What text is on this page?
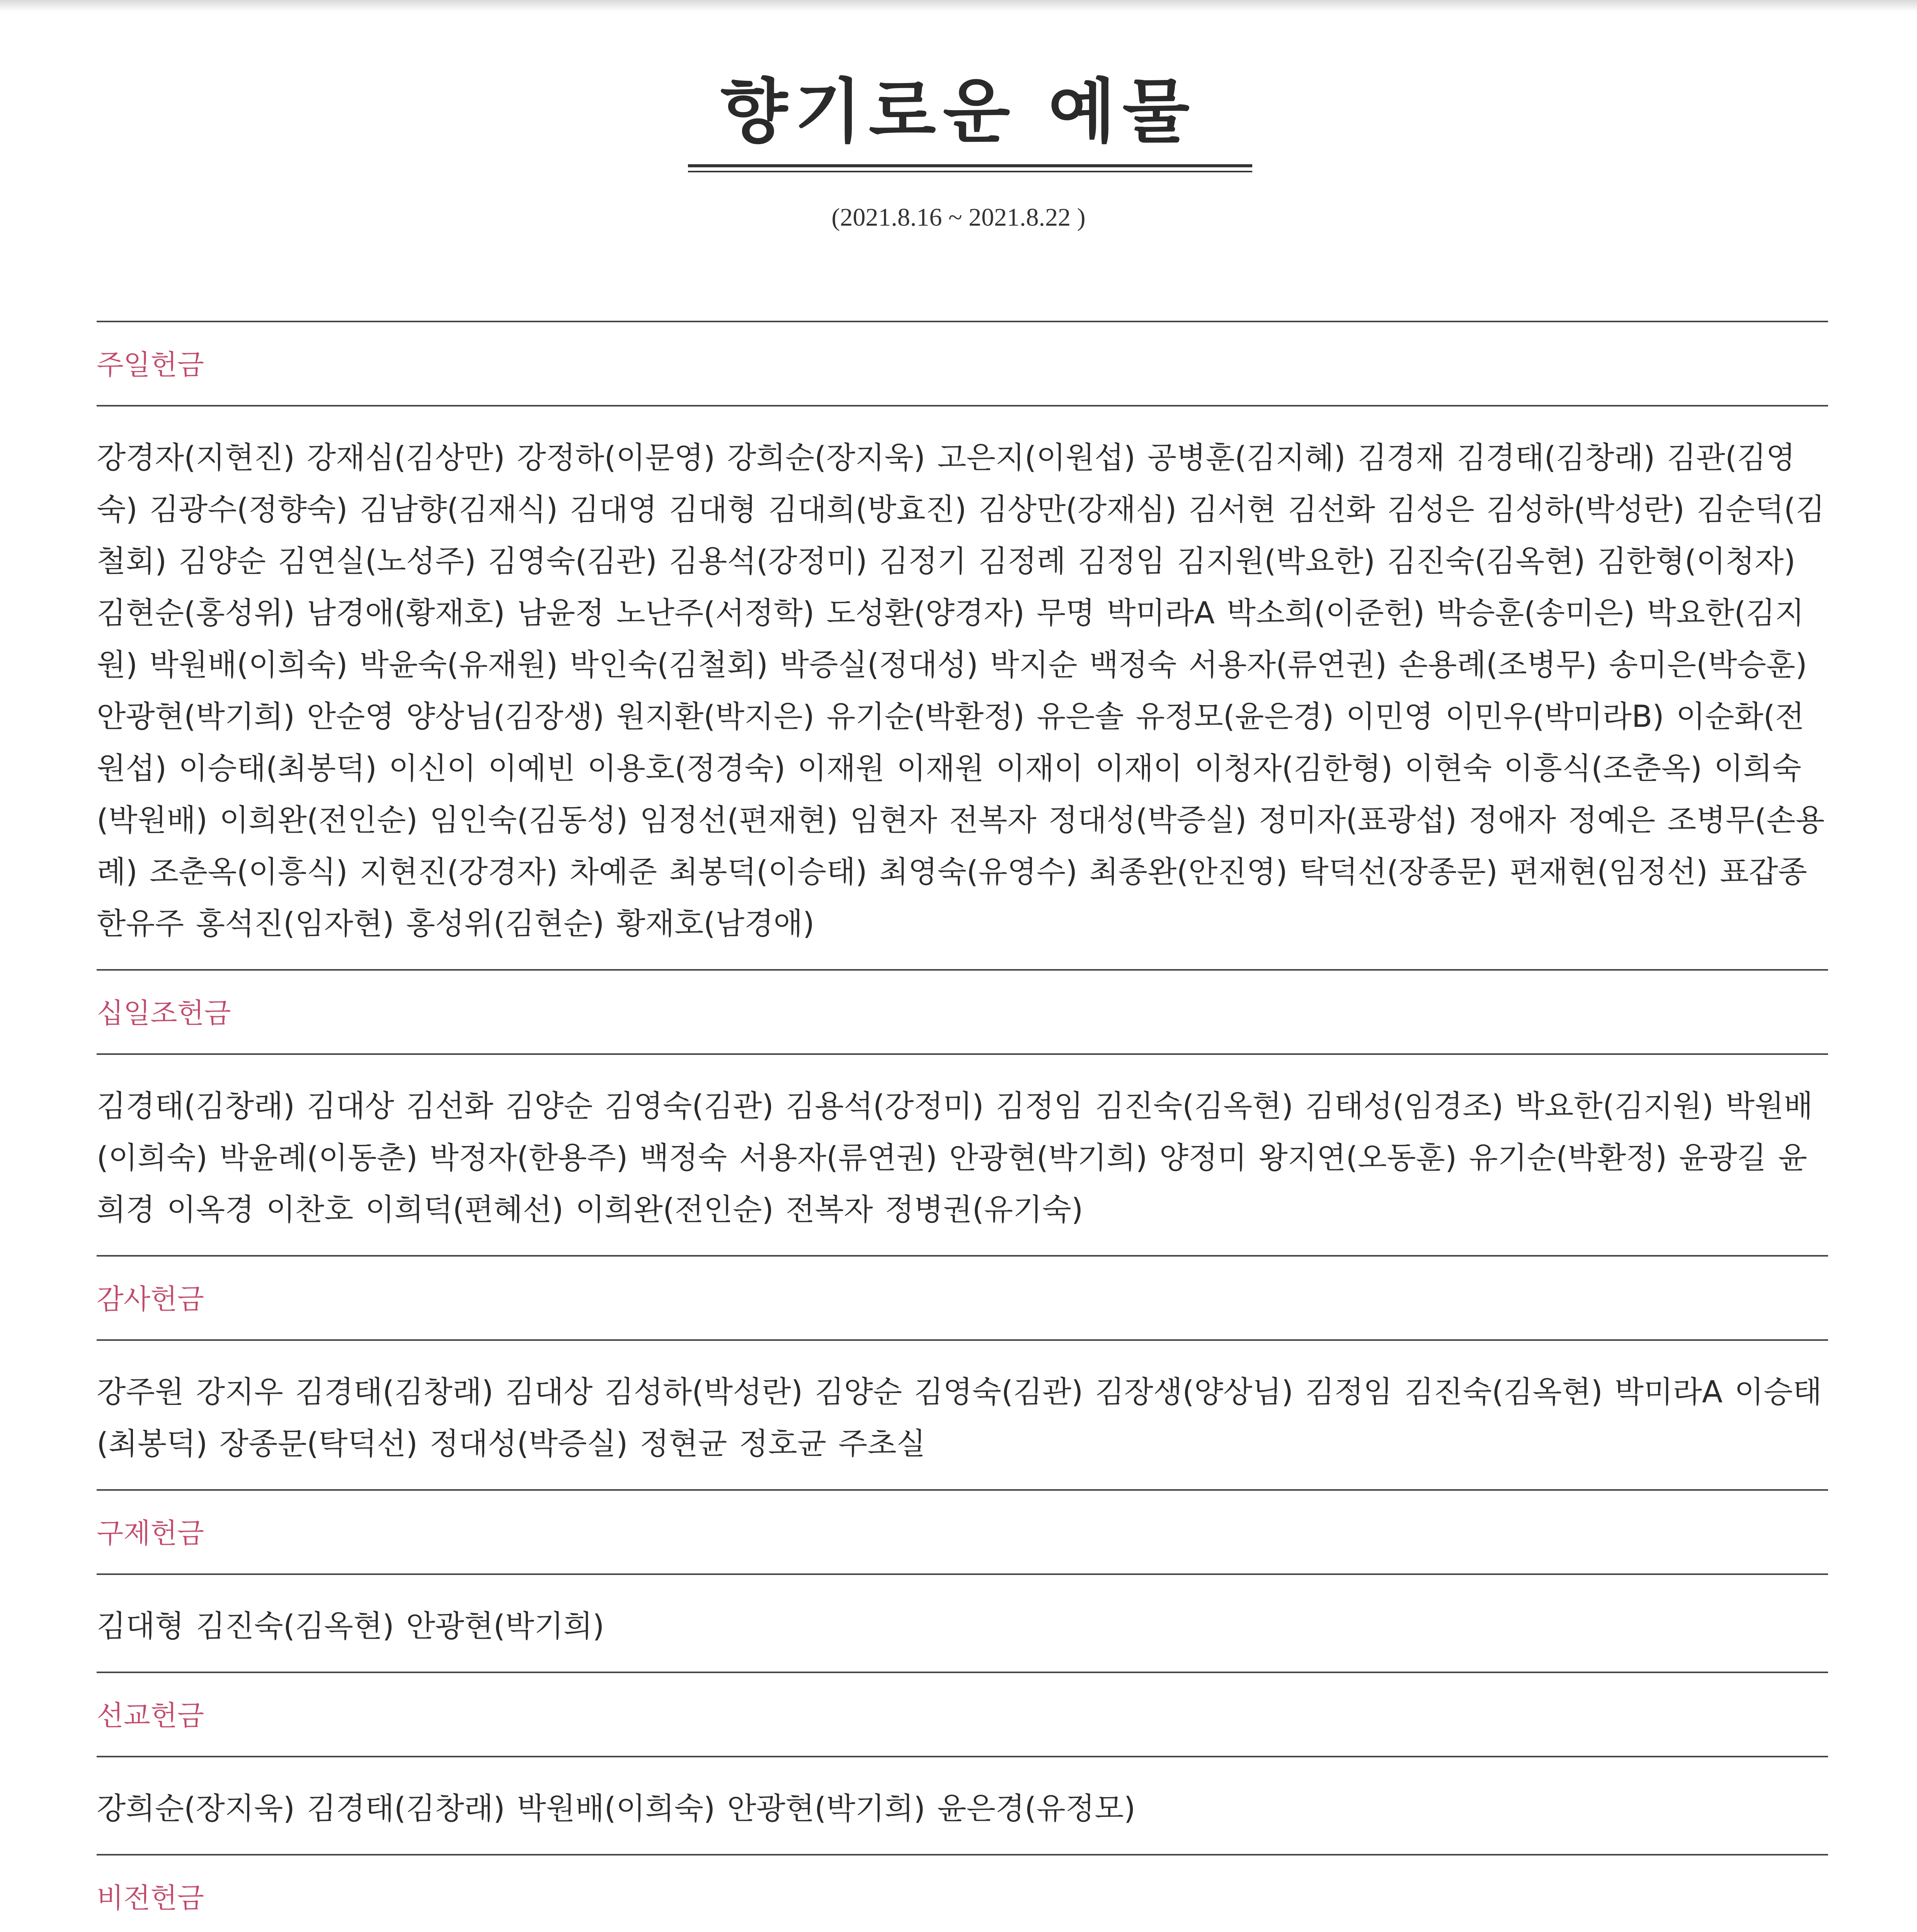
향기로운 예물
(2021.8.16 ~ 2021.8.22 )
주일헌금
강경자(지현진) 강재심(김상만) 강정하(이문영) 강희순(장지욱) 고은지(이원섭) 공병훈(김지혜) 김경재 김경태(김창래) 김관(김영숙) 김광수(정향숙) 김남향(김재식) 김대영 김대형 김대희(방효진) 김상만(강재심) 김서현 김선화 김성은 김성하(박성란) 김순덕(김철회) 김양순 김연실(노성주) 김영숙(김관) 김용석(강정미) 김정기 김정례 김정임 김지원(박요한) 김진숙(김옥현) 김한형(이청자) 김현순(홍성위) 남경애(황재호) 남윤정 노난주(서정학) 도성환(양경자) 무명 박미라A 박소희(이준헌) 박승훈(송미은) 박요한(김지원) 박원배(이희숙) 박윤숙(유재원) 박인숙(김철회) 박증실(정대성) 박지순 백정숙 서용자(류연권) 손용례(조병무) 송미은(박승훈) 안광현(박기희) 안순영 양상님(김장생) 원지환(박지은) 유기순(박환정) 유은솔 유정모(윤은경) 이민영 이민우(박미라B) 이순화(전원섭) 이승태(최봉덕) 이신이 이예빈 이용호(정경숙) 이재원 이재원 이재이 이재이 이청자(김한형) 이현숙 이흥식(조춘옥) 이희숙(박원배) 이희완(전인순) 임인숙(김동성) 임정선(편재현) 임현자 전복자 정대성(박증실) 정미자(표광섭) 정애자 정예은 조병무(손용례) 조춘옥(이흥식) 지현진(강경자) 차예준 최봉덕(이승태) 최영숙(유영수) 최종완(안진영) 탁덕선(장종문) 편재현(임정선) 표갑종 한유주 홍석진(임자현) 홍성위(김현순) 황재호(남경애)
십일조헌금
김경태(김창래) 김대상 김선화 김양순 김영숙(김관) 김용석(강정미) 김정임 김진숙(김옥현) 김태성(임경조) 박요한(김지원) 박원배(이희숙) 박윤례(이동춘) 박정자(한용주) 백정숙 서용자(류연권) 안광현(박기희) 양정미 왕지연(오동훈) 유기순(박환정) 윤광길 윤희경 이옥경 이찬호 이희덕(편혜선) 이희완(전인순) 전복자 정병권(유기숙)
감사헌금
강주원 강지우 김경태(김창래) 김대상 김성하(박성란) 김양순 김영숙(김관) 김장생(양상님) 김정임 김진숙(김옥현) 박미라A 이승태(최봉덕) 장종문(탁덕선) 정대성(박증실) 정현균 정호균 주초실
구제헌금
김대형 김진숙(김옥현) 안광현(박기희)
선교헌금
강희순(장지욱) 김경태(김창래) 박원배(이희숙) 안광현(박기희) 윤은경(유정모)
비전헌금
